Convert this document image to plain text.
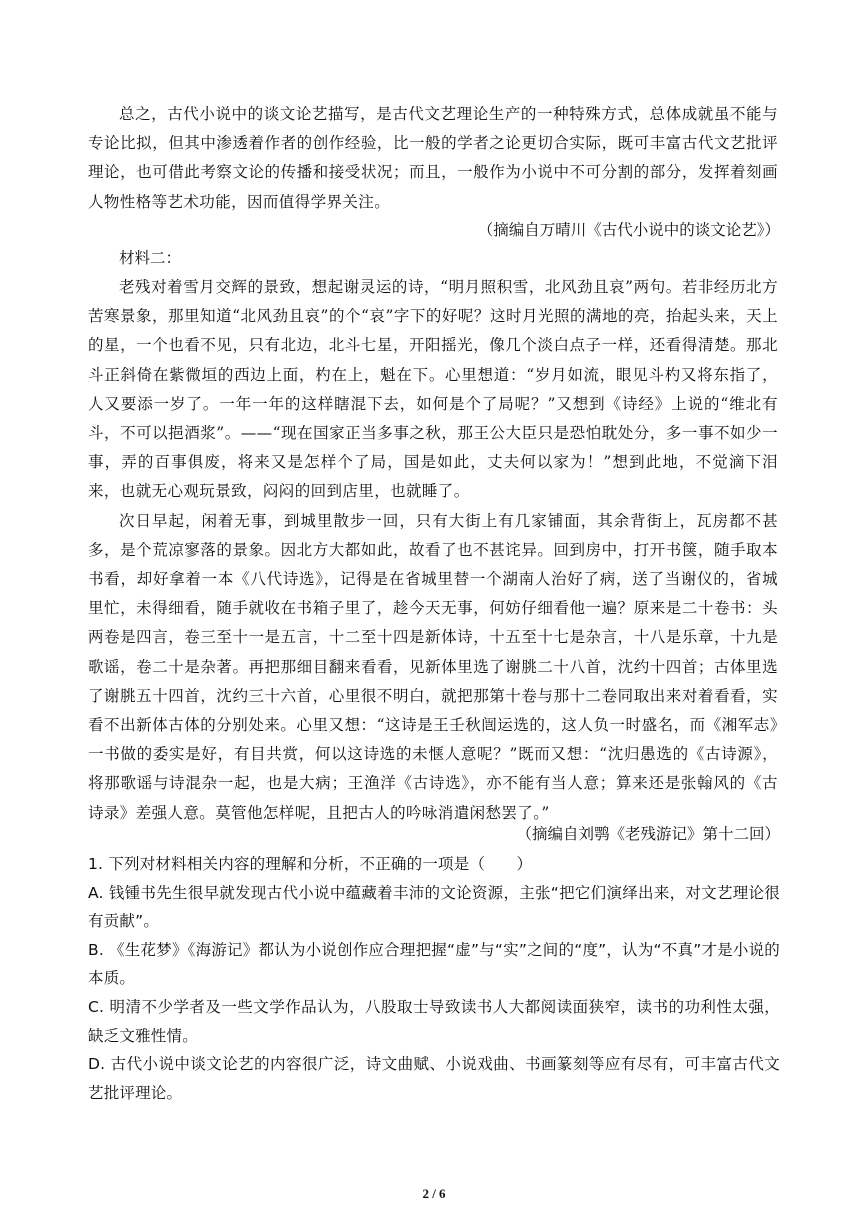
总之，古代小说中的谈文论艺描写，是古代文艺理论生产的一种特殊方式，总体成就虽不能与专论比拟，但其中渗透着作者的创作经验，比一般的学者之论更切合实际，既可丰富古代文艺批评理论，也可借此考察文论的传播和接受状况；而且，一般作为小说中不可分割的部分，发挥着刻画人物性格等艺术功能，因而值得学界关注。

（摘编自万晴川《古代小说中的谈文论艺》）
材料二：

老残对着雪月交辉的景致，想起谢灵运的诗，“明月照积雪，北风劲且哀”两句。若非经历北方苦寒景象，那里知道“北风劲且哀”的个“哀”字下的好呢？这时月光照的满地的亮，抬起头来，天上的星，一个也看不见，只有北边，北斗七星，开阳摇光，像几个淡白点子一样，还看得清楚。那北斗正斜倚在紫微垣的西边上面，杓在上，魁在下。心里想道：“岁月如流，眼见斗杓又将东指了，人又要添一岁了。一年一年的这样瞎混下去，如何是个了局呢？”又想到《诗经》上说的“维北有斗，不可以挹酒浆”。——“现在国家正当多事之秋，那王公大臣只是恐怕耽处分，多一事不如少一事，弄的百事俱废，将来又是怎样个了局，国是如此，丈夫何以家为！”想到此地，不觉滴下泪来，也就无心观玩景致，闷闷的回到店里，也就睡了。

次日早起，闲着无事，到城里散步一回，只有大街上有几家铺面，其余背街上，瓦房都不甚多，是个荒凉寥落的景象。因北方大都如此，故看了也不甚诧异。回到房中，打开书箧，随手取本书看，却好拿着一本《八代诗选》，记得是在省城里替一个湖南人治好了病，送了当谢仪的，省城里忙，未得细看，随手就收在书箱子里了，趁今天无事，何妨仔细看他一遍？原来是二十卷书：头两卷是四言，卷三至十一是五言，十二至十四是新体诗，十五至十七是杂言，十八是乐章，十九是歌谣，卷二十是杂著。再把那细目翻来看看，见新体里选了谢朓二十八首，沈约十四首；古体里选了谢朓五十四首，沈约三十六首，心里很不明白，就把那第十卷与那十二卷同取出来对着看看，实看不出新体古体的分别处来。心里又想：“这诗是王壬秋闿运选的，这人负一时盛名，而《湘军志》一书做的委实是好，有目共赏，何以这诗选的未惬人意呢？”既而又想：“沈归愚选的《古诗源》，将那歌谣与诗混杂一起，也是大病；王渔洋《古诗选》，亦不能有当人意；算来还是张翰风的《古诗录》差强人意。莫管他怎样呢，且把古人的吟咏消遣闲愁罢了。”

（摘编自刘鹗《老残游记》第十二回）

1. 下列对材料相关内容的理解和分析，不正确的一项是（　　）

A. 钱锺书先生很早就发现古代小说中蕴藏着丰沛的文论资源，主张“把它们演绎出来，对文艺理论很有贡献”。

B. 《生花梦》《海游记》都认为小说创作应合理把握“虚”与“实”之间的“度”，认为“不真”才是小说的本质。

C. 明清不少学者及一些文学作品认为，八股取士导致读书人大都阅读面狭窄，读书的功利性太强，缺乏文雅性情。

D. 古代小说中谈文论艺的内容很广泛，诗文曲赋、小说戏曲、书画篆刻等应有尽有，可丰富古代文艺批评理论。

2 / 6
